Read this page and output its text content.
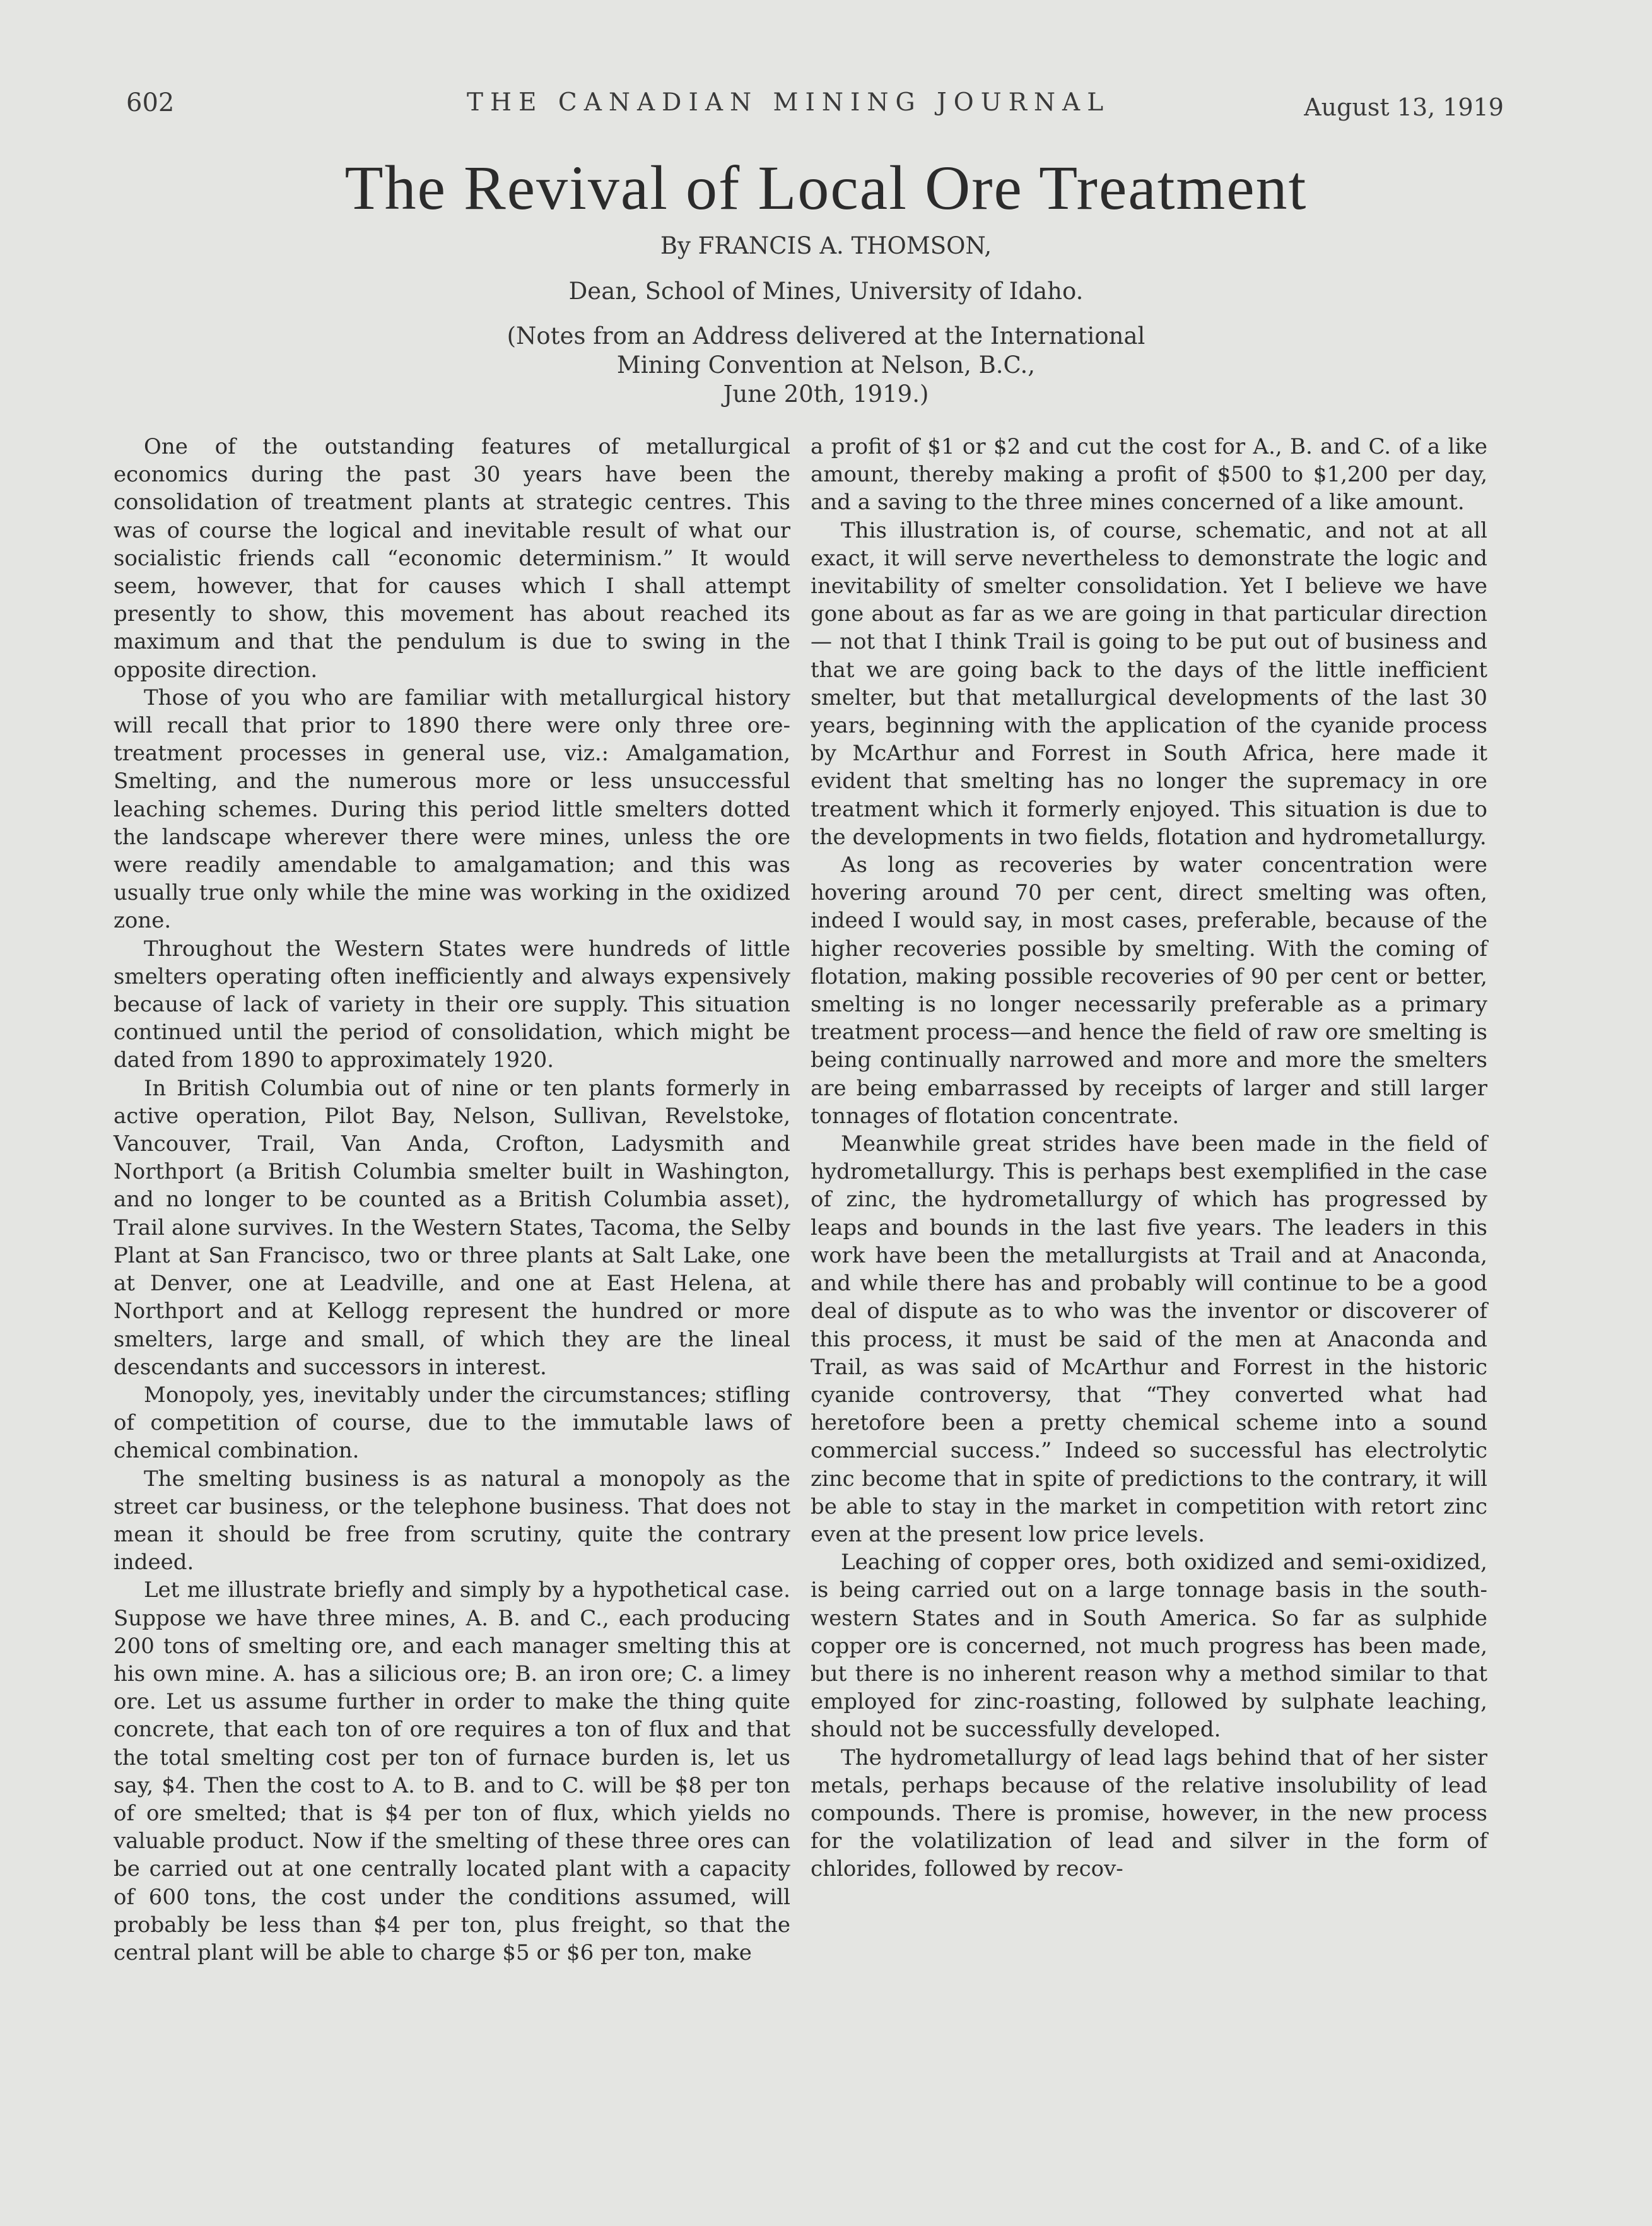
602	THE CANADIAN MINING JOURNAL	August 13, 1919
The Revival of Local Ore Treatment
By FRANCIS A. THOMSON,
Dean, School of Mines, University of Idaho.
(Notes from an Address delivered at the International
Mining Convention at Nelson, B.C.,
June 20th, 1919.)

One of the outstanding features of metallurgical economics during the past 30 years have been the consolidation of treatment plants at strategic centres. This was of course the logical and inevitable result of what our socialistic friends call “economic determinism.” It would seem, however, that for causes which I shall attempt presently to show, this movement has about reached its maximum and that the pendulum is due to swing in the opposite direction.

Those of you who are familiar with metallurgical history will recall that prior to 1890 there were only three ore-treatment processes in general use, viz.: Amalgamation, Smelting, and the numerous more or less unsuccessful leaching schemes. During this period little smelters dotted the landscape wherever there were mines, unless the ore were readily amendable to amalgamation; and this was usually true only while the mine was working in the oxidized zone.

Throughout the Western States were hundreds of little smelters operating often inefficiently and always expensively because of lack of variety in their ore supply. This situation continued until the period of consolidation, which might be dated from 1890 to approximately 1920.

In British Columbia out of nine or ten plants formerly in active operation, Pilot Bay, Nelson, Sullivan, Revelstoke, Vancouver, Trail, Van Anda, Crofton, Ladysmith and Northport (a British Columbia smelter built in Washington, and no longer to be counted as a British Columbia asset), Trail alone survives. In the Western States, Tacoma, the Selby Plant at San Francisco, two or three plants at Salt Lake, one at Denver, one at Leadville, and one at East Helena, at Northport and at Kellogg represent the hundred or more smelters, large and small, of which they are the lineal descendants and successors in interest.

Monopoly, yes, inevitably under the circumstances; stifling of competition of course, due to the immutable laws of chemical combination.

The smelting business is as natural a monopoly as the street car business, or the telephone business. That does not mean it should be free from scrutiny, quite the contrary indeed.

Let me illustrate briefly and simply by a hypothetical case. Suppose we have three mines, A. B. and C., each producing 200 tons of smelting ore, and each manager smelting this at his own mine. A. has a silicious ore; B. an iron ore; C. a limey ore. Let us assume further in order to make the thing quite concrete, that each ton of ore requires a ton of flux and that the total smelting cost per ton of furnace burden is, let us say, $4. Then the cost to A. to B. and to C. will be $8 per ton of ore smelted; that is $4 per ton of flux, which yields no valuable product. Now if the smelting of these three ores can be carried out at one centrally located plant with a capacity of 600 tons, the cost under the conditions assumed, will probably be less than $4 per ton, plus freight, so that the central plant will be able to charge $5 or $6 per ton, make

a profit of $1 or $2 and cut the cost for A., B. and C. of a like amount, thereby making a profit of $500 to $1,200 per day, and a saving to the three mines concerned of a like amount.

This illustration is, of course, schematic, and not at all exact, it will serve nevertheless to demonstrate the logic and inevitability of smelter consolidation. Yet I believe we have gone about as far as we are going in that particular direction — not that I think Trail is going to be put out of business and that we are going back to the days of the little inefficient smelter, but that metallurgical developments of the last 30 years, beginning with the application of the cyanide process by McArthur and Forrest in South Africa, here made it evident that smelting has no longer the supremacy in ore treatment which it formerly enjoyed. This situation is due to the developments in two fields, flotation and hydrometallurgy.

As long as recoveries by water concentration were hovering around 70 per cent, direct smelting was often, indeed I would say, in most cases, preferable, because of the higher recoveries possible by smelting. With the coming of flotation, making possible recoveries of 90 per cent or better, smelting is no longer necessarily preferable as a primary treatment process—and hence the field of raw ore smelting is being continually narrowed and more and more the smelters are being embarrassed by receipts of larger and still larger tonnages of flotation concentrate.

Meanwhile great strides have been made in the field of hydrometallurgy. This is perhaps best exemplified in the case of zinc, the hydrometallurgy of which has progressed by leaps and bounds in the last five years. The leaders in this work have been the metallurgists at Trail and at Anaconda, and while there has and probably will continue to be a good deal of dispute as to who was the inventor or discoverer of this process, it must be said of the men at Anaconda and Trail, as was said of McArthur and Forrest in the historic cyanide controversy, that “They converted what had heretofore been a pretty chemical scheme into a sound commercial success.” Indeed so successful has electrolytic zinc become that in spite of predictions to the contrary, it will be able to stay in the market in competition with retort zinc even at the present low price levels.

Leaching of copper ores, both oxidized and semi-oxidized, is being carried out on a large tonnage basis in the south-western States and in South America. So far as sulphide copper ore is concerned, not much progress has been made, but there is no inherent reason why a method similar to that employed for zinc-roasting, followed by sulphate leaching, should not be successfully developed.

The hydrometallurgy of lead lags behind that of her sister metals, perhaps because of the relative insolubility of lead compounds. There is promise, however, in the new process for the volatilization of lead and silver in the form of chlorides, followed by recov-
